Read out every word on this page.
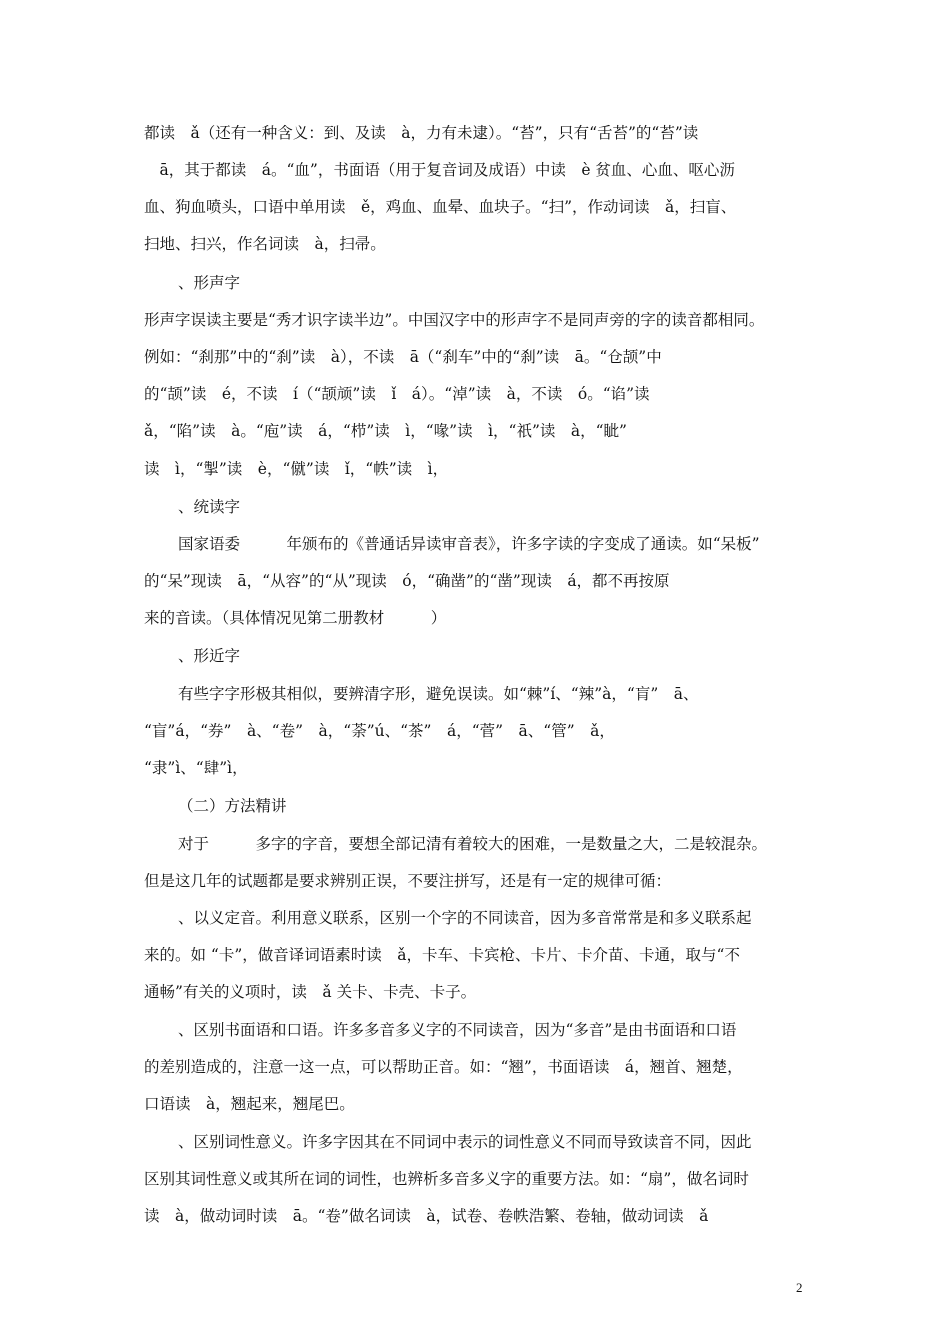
都读　ǎ（还有一种含义：到、及读　à，力有未逮）。“苔”，只有“舌苔”的“苔”读
　ā，其于都读　á。“血”，书面语（用于复音词及成语）中读　è 贫血、心血、呕心沥
血、狗血喷头，口语中单用读　ě，鸡血、血晕、血块子。“扫”，作动词读　ǎ，扫盲、
扫地、扫兴，作名词读　à，扫帚。
、形声字
形声字误读主要是“秀才识字读半边”。中国汉字中的形声字不是同声旁的字的读音都相同。
例如：“刹那”中的“刹”读　à），不读　ā（“刹车”中的“刹”读　ā。“仓颉”中
的“颉”读　é，不读　í（“颉颃”读　ǐ　á）。“淖”读　à，不读　ó。“谄”读
ǎ，“陷”读　à。“庖”读　á，“栉”读　ì，“喙”读　ì，“祇”读　à，“眦”
读　ì，“掣”读　è，“僦”读　ǐ，“帙”读　ì，
、统读字
国家语委　　　年颁布的《普通话异读审音表》，许多字读的字变成了通读。如“呆板”
的“呆”现读　ā，“从容”的“从”现读　ó，“确凿”的“凿”现读　á，都不再按原
来的音读。（具体情况见第二册教材　　　）
、形近字
有些字字形极其相似，要辨清字形，避免误读。如“棘”í、“辣”à，“肓”　ā、
“盲”á，“券”　à、“卷”　à，“荼”ú、“茶”　á，“菅”　ā、“管”　ǎ，
“隶”ì、“肆”ì，
（二）方法精讲
对于　　　多字的字音，要想全部记清有着较大的困难，一是数量之大，二是较混杂。
但是这几年的试题都是要求辨别正误，不要注拼写，还是有一定的规律可循：
、以义定音。利用意义联系，区别一个字的不同读音，因为多音常常是和多义联系起
来的。如 “卡”，做音译词语素时读　ǎ，卡车、卡宾枪、卡片、卡介苗、卡通，取与“不
通畅”有关的义项时，读　ǎ 关卡、卡壳、卡子。
、区别书面语和口语。许多多音多义字的不同读音，因为“多音”是由书面语和口语
的差别造成的，注意一这一点，可以帮助正音。如：“翘”，书面语读　á，翘首、翘楚，
口语读　à，翘起来，翘尾巴。
、区别词性意义。许多字因其在不同词中表示的词性意义不同而导致读音不同，因此
区别其词性意义或其所在词的词性，也辨析多音多义字的重要方法。如：“扇”，做名词时
读　à，做动词时读　ā。“卷”做名词读　à，试卷、卷帙浩繁、卷轴，做动词读　ǎ
2
